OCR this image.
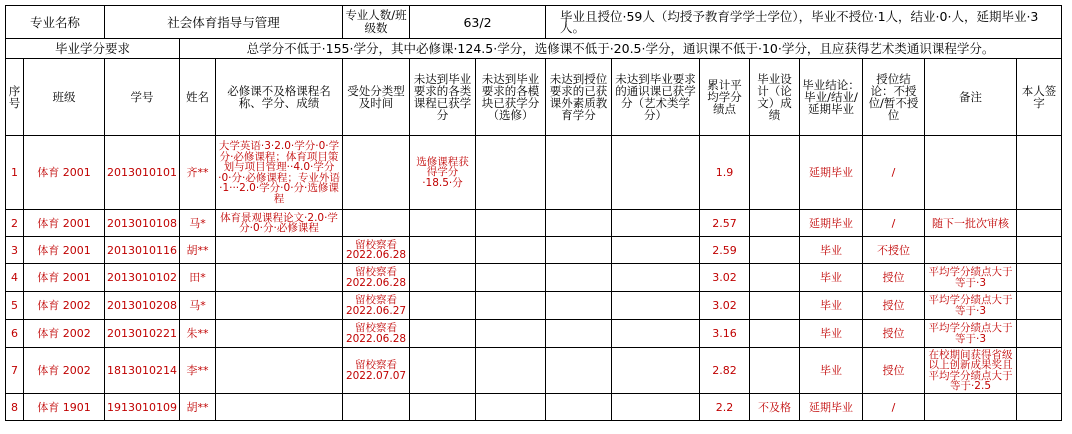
专业名称		社会体育指导与管理			专业人数/班级数	63/2		毕业且授位·59人（均授予教育学学士学位），毕业不授位·1人，结业·0·人，延期毕业·3人。							
毕业学分要求			总学分不低于·155·学分，其中必修课·124.5·学分，选修课不低于·20.5·学分，通识课不低于·10·学分，且应获得艺术类通识课程学分。												
序号	班级	学号	姓名	必修课不及格课程名称、学分、成绩	受处分类型及时间	未达到毕业要求的各类课程已获学分	未达到毕业要求的各模块已获学分（选修）	未达到授位要求的已获课外素质教育学分	未达到毕业要求的通识课已获学分（艺术类学分）	累计平均学分绩点	毕业设计（论文）成绩	毕业结论：毕业/结业/延期毕业	授位结论：不授位/暂不授位	备注	本人签字
1	体育 2001	2013010101	齐**	大学英语·3·2.0·学分·0·学分·必修课程；体育项目策划与项目管理··4.0·学分·0·分·必修课程；专业外语·1···2.0·学分·0·分·选修课程		选修课程获得学分·18.5·分				1.9		延期毕业	/		
2	体育 2001	2013010108	马*	体育景观课程论文·2.0·学分·0·分·必修课程						2.57		延期毕业	/	随下一批次审核	
3	体育 2001	2013010116	胡**		留校察看 2022.06.28					2.59		毕业	不授位		
4	体育 2001	2013010102	田*		留校察看 2022.06.28					3.02		毕业	授位	平均学分绩点大于等于·3	
5	体育 2002	2013010208	马*		留校察看 2022.06.27					3.02		毕业	授位	平均学分绩点大于等于·3	
6	体育 2002	2013010221	朱**		留校察看 2022.06.28					3.16		毕业	授位	平均学分绩点大于等于·3	
7	体育 2002	1813010214	李**		留校察看 2022.07.07					2.82		毕业	授位	在校期间获得省级以上创新成果奖且平均学分绩点大于等于·2.5	
8	体育 1901	1913010109	胡**							2.2	不及格	延期毕业	/		
